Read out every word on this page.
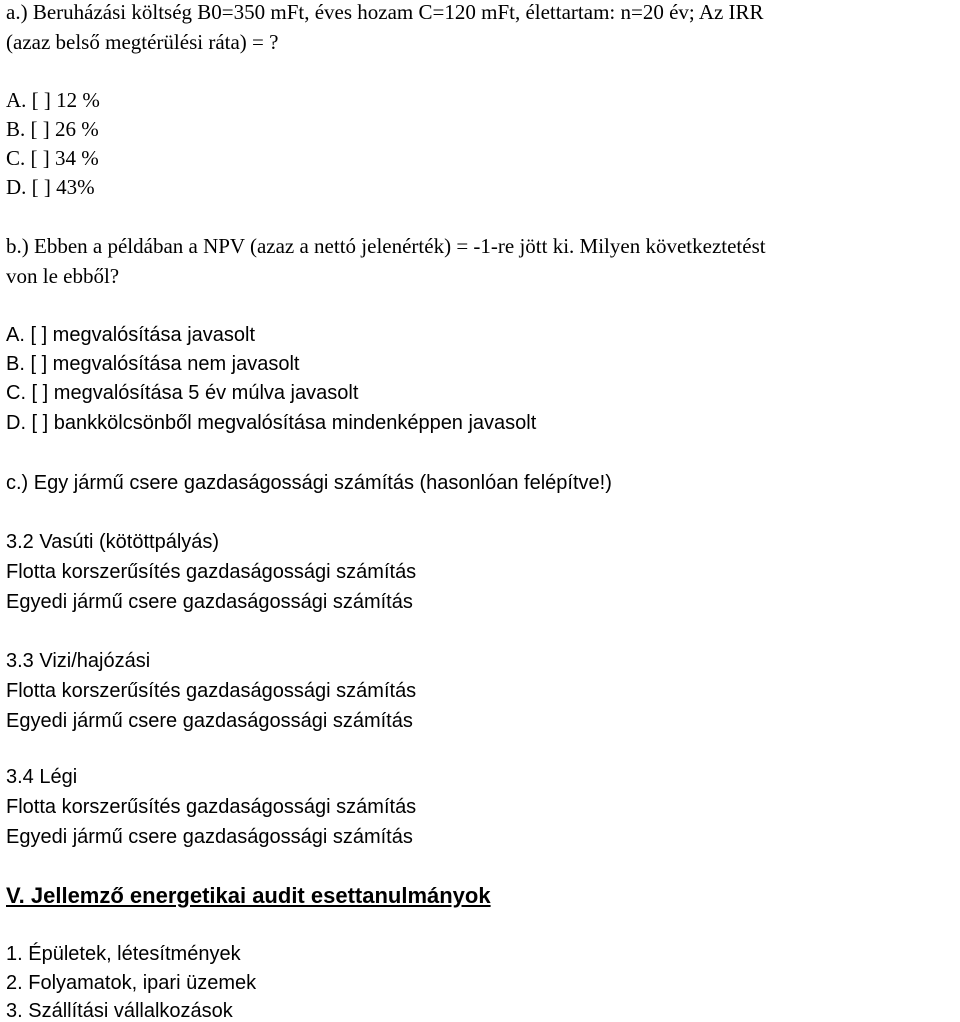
a.) Beruházási költség B0=350 mFt, éves hozam C=120 mFt, élettartam: n=20 év; Az IRR
(azaz belső megtérülési ráta) = ?
A. [ ] 12 %
B. [ ] 26 %
C. [ ] 34 %
D. [ ] 43%
b.) Ebben a példában a NPV (azaz a nettó jelenérték) = -1-re jött ki. Milyen következtetést
von le ebből?
A. [ ] megvalósítása javasolt
B. [ ] megvalósítása nem javasolt
C. [ ] megvalósítása 5 év múlva javasolt
D. [ ] bankkölcsönből megvalósítása mindenképpen javasolt
c.) Egy jármű csere gazdaságossági számítás (hasonlóan felépítve!)
3.2 Vasúti (kötöttpályás)
Flotta korszerűsítés gazdaságossági számítás
Egyedi jármű csere gazdaságossági számítás
3.3 Vizi/hajózási
Flotta korszerűsítés gazdaságossági számítás
Egyedi jármű csere gazdaságossági számítás
3.4 Légi
Flotta korszerűsítés gazdaságossági számítás
Egyedi jármű csere gazdaságossági számítás
V. Jellemző energetikai audit esettanulmányok
1. Épületek, létesítmények
2. Folyamatok, ipari üzemek
3. Szállítási vállalkozások
